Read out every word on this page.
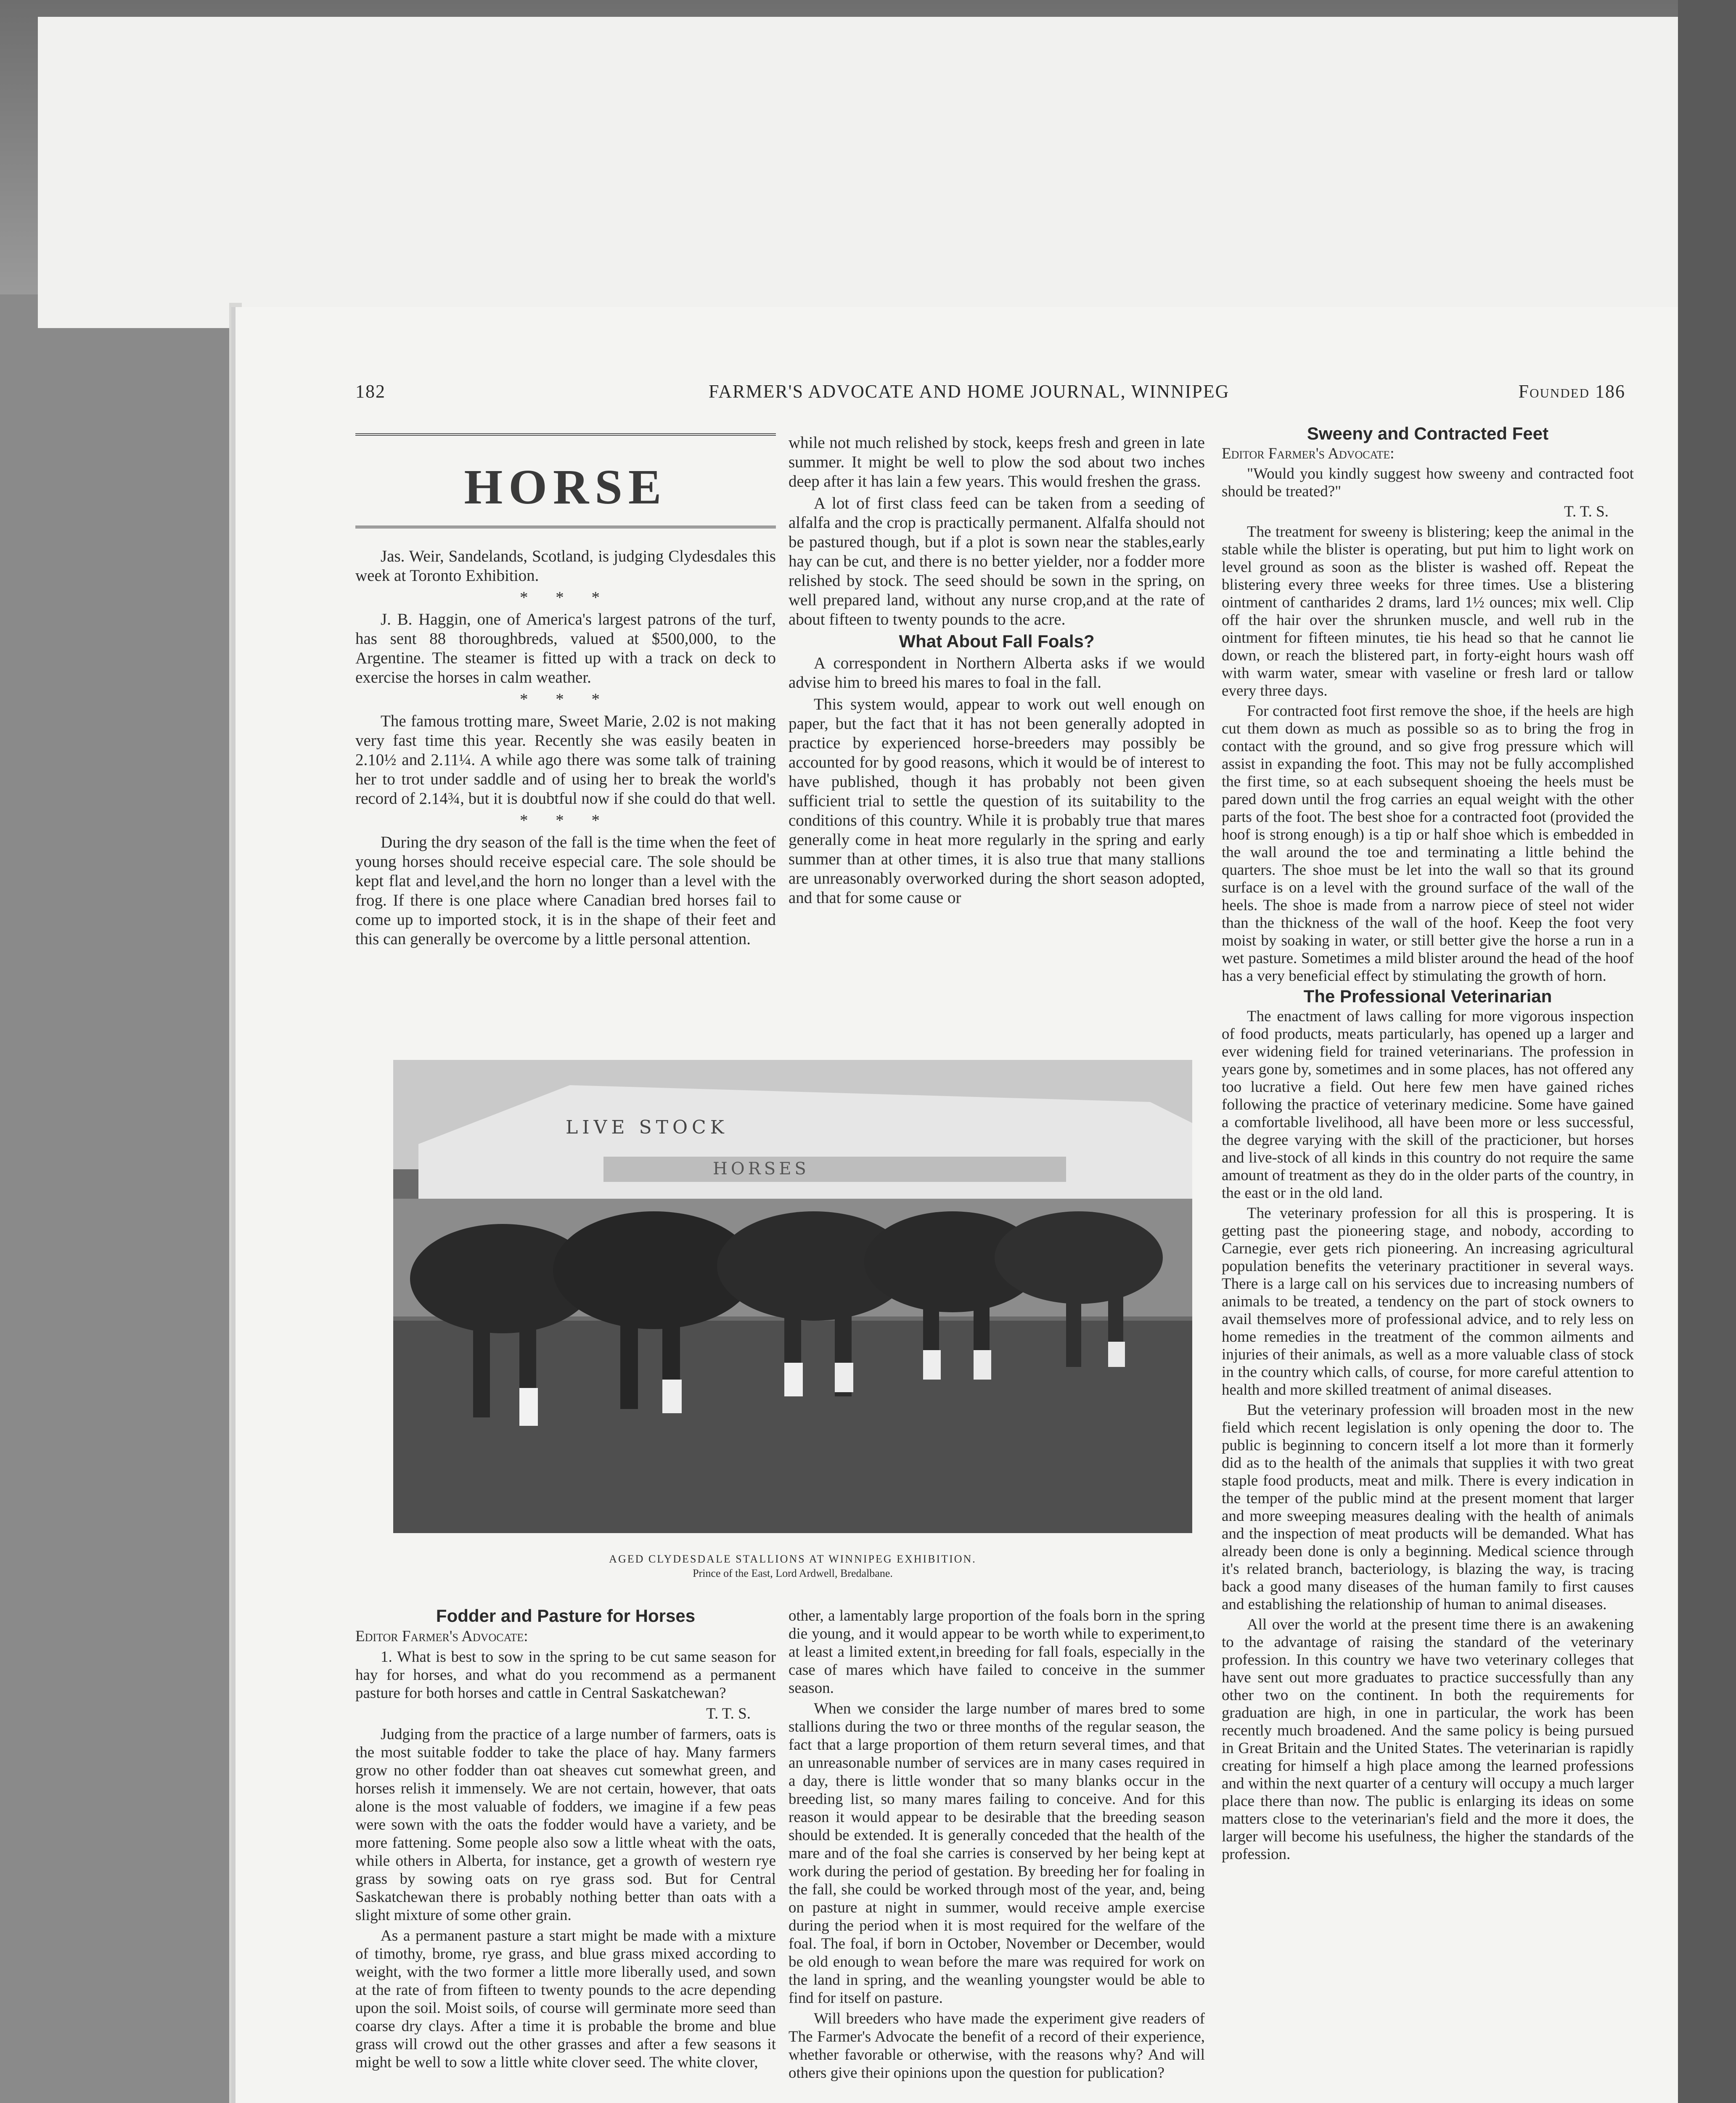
182	FARMER'S ADVOCATE AND HOME JOURNAL, WINNIPEG	Founded 186
HORSE

Jas. Weir, Sandelands, Scotland, is judging Clydesdales this week at Toronto Exhibition.

* * *

J. B. Haggin, one of America's largest patrons of the turf, has sent 88 thoroughbreds, valued at $500,000, to the Argentine. The steamer is fitted up with a track on deck to exercise the horses in calm weather.

* * *

The famous trotting mare, Sweet Marie, 2.02 is not making very fast time this year. Recently she was easily beaten in 2.10½ and 2.11¼. A while ago there was some talk of training her to trot under saddle and of using her to break the world's record of 2.14¾, but it is doubtful now if she could do that well.

* * *

During the dry season of the fall is the time when the feet of young horses should receive especial care. The sole should be kept flat and level,and the horn no longer than a level with the frog. If there is one place where Canadian bred horses fail to come up to imported stock, it is in the shape of their feet and this can generally be overcome by a little personal attention.

while not much relished by stock, keeps fresh and green in late summer. It might be well to plow the sod about two inches deep after it has lain a few years. This would freshen the grass.

A lot of first class feed can be taken from a seeding of alfalfa and the crop is practically permanent. Alfalfa should not be pastured though, but if a plot is sown near the stables,early hay can be cut, and there is no better yielder, nor a fodder more relished by stock. The seed should be sown in the spring, on well prepared land, without any nurse crop,and at the rate of about fifteen to twenty pounds to the acre.

What About Fall Foals?

A correspondent in Northern Alberta asks if we would advise him to breed his mares to foal in the fall.

This system would, appear to work out well enough on paper, but the fact that it has not been generally adopted in practice by experienced horse-breeders may possibly be accounted for by good reasons, which it would be of interest to have published, though it has probably not been given sufficient trial to settle the question of its suitability to the conditions of this country. While it is probably true that mares generally come in heat more regularly in the spring and early summer than at other times, it is also true that many stallions are unreasonably overworked during the short season adopted, and that for some cause or

Sweeny and Contracted Feet

Editor Farmer's Advocate:

"Would you kindly suggest how sweeny and contracted foot should be treated?"

T. T. S.

The treatment for sweeny is blistering; keep the animal in the stable while the blister is operating, but put him to light work on level ground as soon as the blister is washed off. Repeat the blistering every three weeks for three times. Use a blistering ointment of cantharides 2 drams, lard 1½ ounces; mix well. Clip off the hair over the shrunken muscle, and well rub in the ointment for fifteen minutes, tie his head so that he cannot lie down, or reach the blistered part, in forty-eight hours wash off with warm water, smear with vaseline or fresh lard or tallow every three days.

For contracted foot first remove the shoe, if the heels are high cut them down as much as possible so as to bring the frog in contact with the ground, and so give frog pressure which will assist in expanding the foot. This may not be fully accomplished the first time, so at each subsequent shoeing the heels must be pared down until the frog carries an equal weight with the other parts of the foot. The best shoe for a contracted foot (provided the hoof is strong enough) is a tip or half shoe which is embedded in the wall around the toe and terminating a little behind the quarters. The shoe must be let into the wall so that its ground surface is on a level with the ground surface of the wall of the heels. The shoe is made from a narrow piece of steel not wider than the thickness of the wall of the hoof. Keep the foot very moist by soaking in water, or still better give the horse a run in a wet pasture. Sometimes a mild blister around the head of the hoof has a very beneficial effect by stimulating the growth of horn.

The Professional Veterinarian

The enactment of laws calling for more vigorous inspection of food products, meats particularly, has opened up a larger and ever widening field for trained veterinarians. The profession in years gone by, sometimes and in some places, has not offered any too lucrative a field. Out here few men have gained riches following the practice of veterinary medicine. Some have gained a comfortable livelihood, all have been more or less successful, the degree varying with the skill of the practicioner, but horses and live-stock of all kinds in this country do not require the same amount of treatment as they do in the older parts of the country, in the east or in the old land.

The veterinary profession for all this is prospering. It is getting past the pioneering stage, and nobody, according to Carnegie, ever gets rich pioneering. An increasing agricultural population benefits the veterinary practitioner in several ways. There is a large call on his services due to increasing numbers of animals to be treated, a tendency on the part of stock owners to avail themselves more of professional advice, and to rely less on home remedies in the treatment of the common ailments and injuries of their animals, as well as a more valuable class of stock in the country which calls, of course, for more careful attention to health and more skilled treatment of animal diseases.

But the veterinary profession will broaden most in the new field which recent legislation is only opening the door to. The public is beginning to concern itself a lot more than it formerly did as to the health of the animals that supplies it with two great staple food products, meat and milk. There is every indication in the temper of the public mind at the present moment that larger and more sweeping measures dealing with the health of animals and the inspection of meat products will be demanded. What has already been done is only a beginning. Medical science through it's related branch, bacteriology, is blazing the way, is tracing back a good many diseases of the human family to first causes and establishing the relationship of human to animal diseases.

All over the world at the present time there is an awakening to the advantage of raising the standard of the veterinary profession. In this country we have two veterinary colleges that have sent out more graduates to practice successfully than any other two on the continent. In both the requirements for graduation are high, in one in particular, the work has been recently much broadened. And the same policy is being pursued in Great Britain and the United States. The veterinarian is rapidly creating for himself a high place among the learned professions and within the next quarter of a century will occupy a much larger place there than now. The public is enlarging its ideas on some matters close to the veterinarian's field and the more it does, the larger will become his usefulness, the higher the standards of the profession.

LIVE STOCK
HORSES
AGED CLYDESDALE STALLIONS AT WINNIPEG EXHIBITION.
Prince of the East, Lord Ardwell, Bredalbane.

Fodder and Pasture for Horses

Editor Farmer's Advocate:

1. What is best to sow in the spring to be cut same season for hay for horses, and what do you recommend as a permanent pasture for both horses and cattle in Central Saskatchewan?

T. T. S.

Judging from the practice of a large number of farmers, oats is the most suitable fodder to take the place of hay. Many farmers grow no other fodder than oat sheaves cut somewhat green, and horses relish it immensely. We are not certain, however, that oats alone is the most valuable of fodders, we imagine if a few peas were sown with the oats the fodder would have a variety, and be more fattening. Some people also sow a little wheat with the oats, while others in Alberta, for instance, get a growth of western rye grass by sowing oats on rye grass sod. But for Central Saskatchewan there is probably nothing better than oats with a slight mixture of some other grain.

As a permanent pasture a start might be made with a mixture of timothy, brome, rye grass, and blue grass mixed according to weight, with the two former a little more liberally used, and sown at the rate of from fifteen to twenty pounds to the acre depending upon the soil. Moist soils, of course will germinate more seed than coarse dry clays. After a time it is probable the brome and blue grass will crowd out the other grasses and after a few seasons it might be well to sow a little white clover seed. The white clover,

other, a lamentably large proportion of the foals born in the spring die young, and it would appear to be worth while to experiment,to at least a limited extent,in breeding for fall foals, especially in the case of mares which have failed to conceive in the summer season.

When we consider the large number of mares bred to some stallions during the two or three months of the regular season, the fact that a large proportion of them return several times, and that an unreasonable number of services are in many cases required in a day, there is little wonder that so many blanks occur in the breeding list, so many mares failing to conceive. And for this reason it would appear to be desirable that the breeding season should be extended. It is generally conceded that the health of the mare and of the foal she carries is conserved by her being kept at work during the period of gestation. By breeding her for foaling in the fall, she could be worked through most of the year, and, being on pasture at night in summer, would receive ample exercise during the period when it is most required for the welfare of the foal. The foal, if born in October, November or December, would be old enough to wean before the mare was required for work on the land in spring, and the weanling youngster would be able to find for itself on pasture.

Will breeders who have made the experiment give readers of The Farmer's Advocate the benefit of a record of their experience, whether favorable or otherwise, with the reasons why? And will others give their opinions upon the question for publication?
